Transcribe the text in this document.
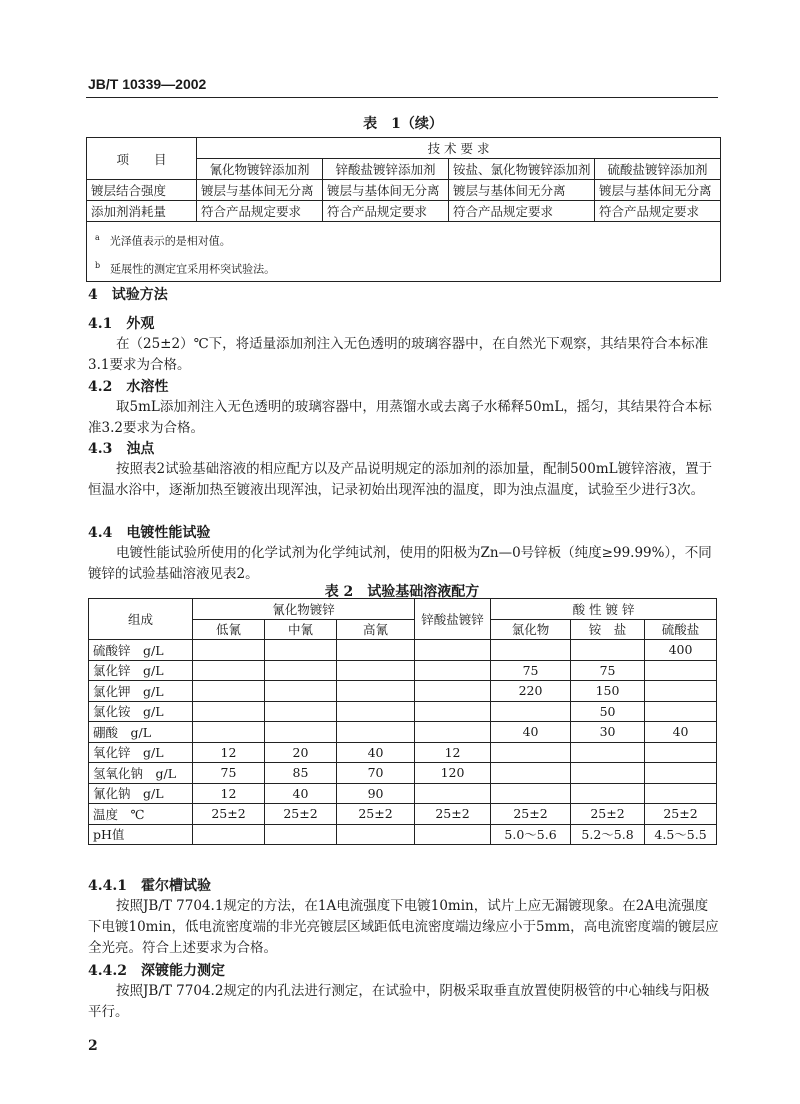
JB/T 10339—2002
表　1（续）
项　　目	技 术 要 求			
	氰化物镀锌添加剂	锌酸盐镀锌添加剂	铵盐、氯化物镀锌添加剂	硫酸盐镀锌添加剂
镀层结合强度	镀层与基体间无分离	镀层与基体间无分离	镀层与基体间无分离	镀层与基体间无分离
添加剂消耗量	符合产品规定要求	符合产品规定要求	符合产品规定要求	符合产品规定要求

$^a$ 光泽值表示的是相对值。
$^b$ 延展性的测定宜采用杯突试验法。				
4　试验方法
4.1　外观
在（25±2）℃下，将适量添加剂注入无色透明的玻璃容器中，在自然光下观察，其结果符合本标准3.1要求为合格。
4.2　水溶性
取5mL添加剂注入无色透明的玻璃容器中，用蒸馏水或去离子水稀释50mL，摇匀，其结果符合本标准3.2要求为合格。
4.3　浊点
按照表2试验基础溶液的相应配方以及产品说明规定的添加剂的添加量，配制500mL镀锌溶液，置于恒温水浴中，逐渐加热至镀液出现浑浊，记录初始出现浑浊的温度，即为浊点温度，试验至少进行3次。
4.4　电镀性能试验
电镀性能试验所使用的化学试剂为化学纯试剂，使用的阳极为Zn—0号锌板（纯度≥99.99%），不同镀锌的试验基础溶液见表2。
表 2　试验基础溶液配方
组成	氰化物镀锌			锌酸盐镀锌	酸 性 镀 锌		
	低氰	中氰	高氰		氯化物	铵　盐	硫酸盐
硫酸锌　g/L							400
氯化锌　g/L					75	75	
氯化钾　g/L					220	150	
氯化铵　g/L						50	
硼酸　g/L					40	30	40
氧化锌　g/L	12	20	40	12			
氢氧化钠　g/L	75	85	70	120			
氰化钠　g/L	12	40	90				
温度　℃	25±2	25±2	25±2	25±2	25±2	25±2	25±2
pH值					5.0～5.6	5.2～5.8	4.5～5.5
4.4.1　霍尔槽试验
按照JB/T 7704.1规定的方法，在1A电流强度下电镀10min，试片上应无漏镀现象。在2A电流强度下电镀10min，低电流密度端的非光亮镀层区域距低电流密度端边缘应小于5mm，高电流密度端的镀层应全光亮。符合上述要求为合格。
4.4.2　深镀能力测定
按照JB/T 7704.2规定的内孔法进行测定，在试验中，阴极采取垂直放置使阴极管的中心轴线与阳极平行。
2
